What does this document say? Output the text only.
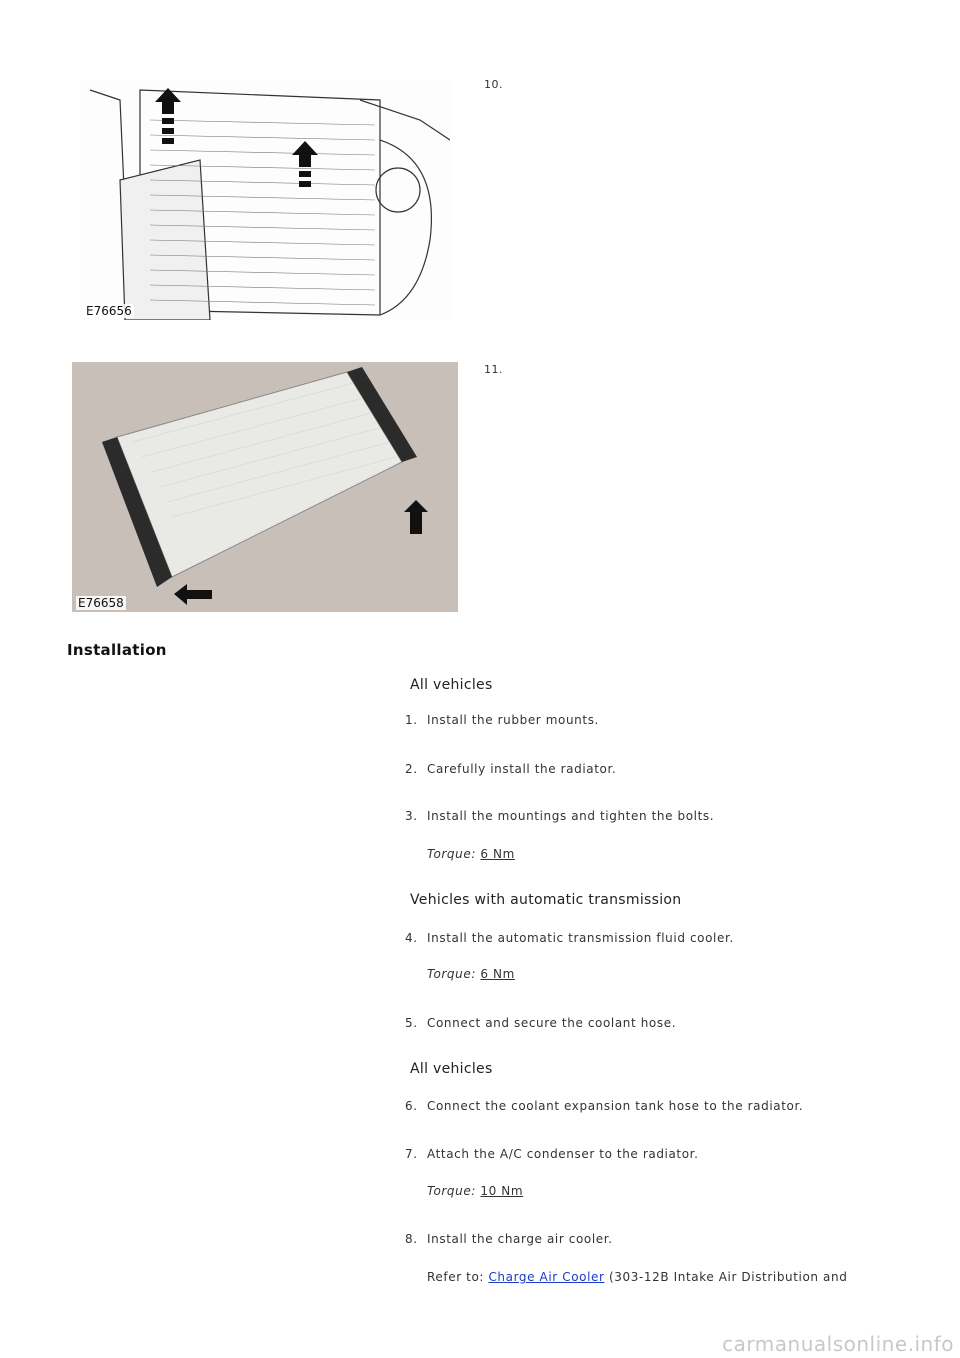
E76656
10.
E76658
11.
Installation
All vehicles
1. Install the rubber mounts.
2. Carefully install the radiator.
3. Install the mountings and tighten the bolts.
Torque: 6 Nm
Vehicles with automatic transmission
4. Install the automatic transmission fluid cooler.
Torque: 6 Nm
5. Connect and secure the coolant hose.
All vehicles
6. Connect the coolant expansion tank hose to the radiator.
7. Attach the A/C condenser to the radiator.
Torque: 10 Nm
8. Install the charge air cooler.
Refer to: Charge Air Cooler (303-12B Intake Air Distribution and
carmanualsonline.info
